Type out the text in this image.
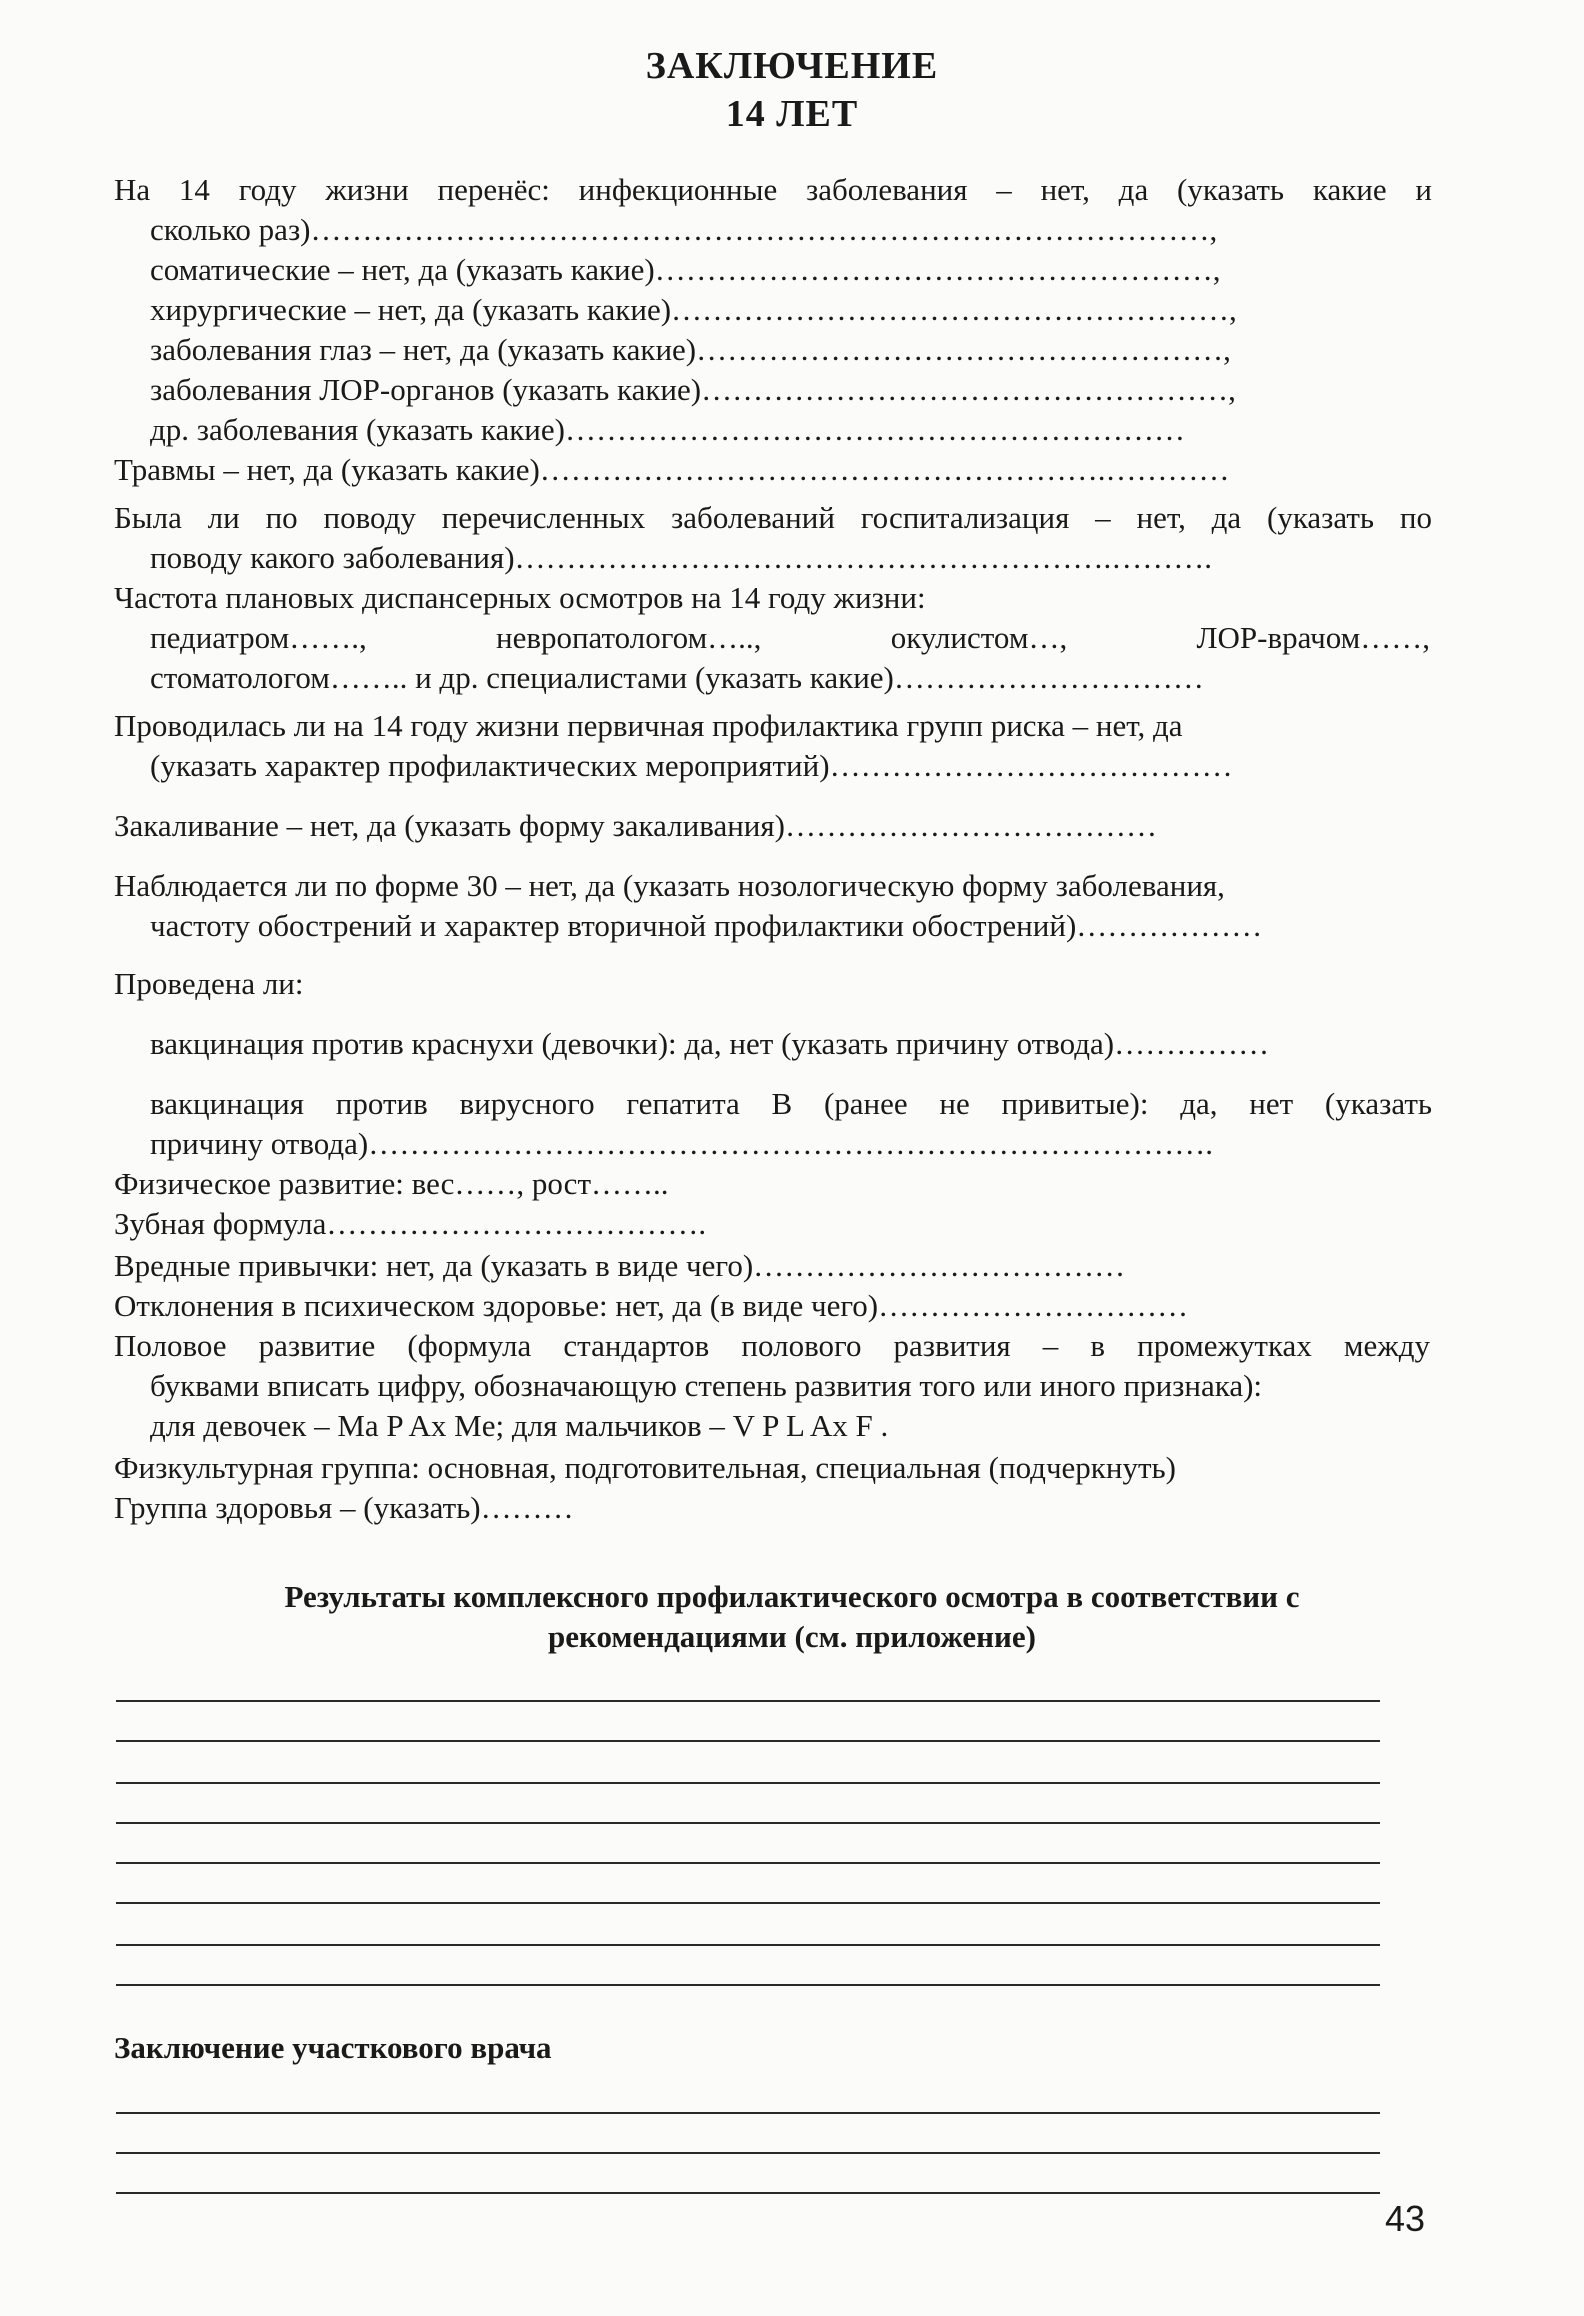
ЗАКЛЮЧЕНИЕ
14 ЛЕТ
На 14 году жизни перенёс: инфекционные заболевания – нет, да (указать какие и
сколько раз)……………………………………………………………………………,
соматические – нет, да (указать какие)………………………………………………,
хирургические – нет, да (указать какие)………………………………………………,
заболевания глаз – нет, да (указать какие)……………………………………………,
заболевания ЛОР-органов (указать какие)……………………………………………,
др. заболевания (указать какие)……………………………………………………
Травмы – нет, да (указать какие)……………………………………………….…………
Была ли по поводу перечисленных заболеваний госпитализация – нет, да (указать по
поводу какого заболевания)………………………………………………….……….
Частота плановых диспансерных осмотров на 14 году жизни:
педиатром…….,	невропатологом…..,	окулистом…,	ЛОР-врачом……,
стоматологом…….. и др. специалистами (указать какие)…………………………
Проводилась ли на 14 году жизни первичная профилактика групп риска – нет, да
(указать характер профилактических мероприятий)…………………………………
Закаливание – нет, да (указать форму закаливания)………………………………
Наблюдается ли по форме 30 – нет, да (указать нозологическую форму заболевания,
частоту обострений и характер вторичной профилактики обострений)………………
Проведена ли:
вакцинация против краснухи (девочки): да, нет (указать причину отвода)……………
вакцинация против вирусного гепатита В (ранее не привитые): да, нет (указать
причину отвода)……………………………………………………………………….
Физическое развитие: вес……, рост……..
Зубная формула……………………………….
Вредные привычки: нет, да (указать в виде чего)………………………………
Отклонения в психическом здоровье: нет, да (в виде чего)…………………………
Половое развитие (формула стандартов полового развития – в промежутках между
буквами вписать цифру, обозначающую степень развития того или иного признака):
для девочек – Ma P Ax Me; для мальчиков – V P L Ax F .
Физкультурная группа: основная, подготовительная, специальная (подчеркнуть)
Группа здоровья – (указать)………
Результаты комплексного профилактического осмотра в соответствии с
рекомендациями (см. приложение)
Заключение участкового врача
43
